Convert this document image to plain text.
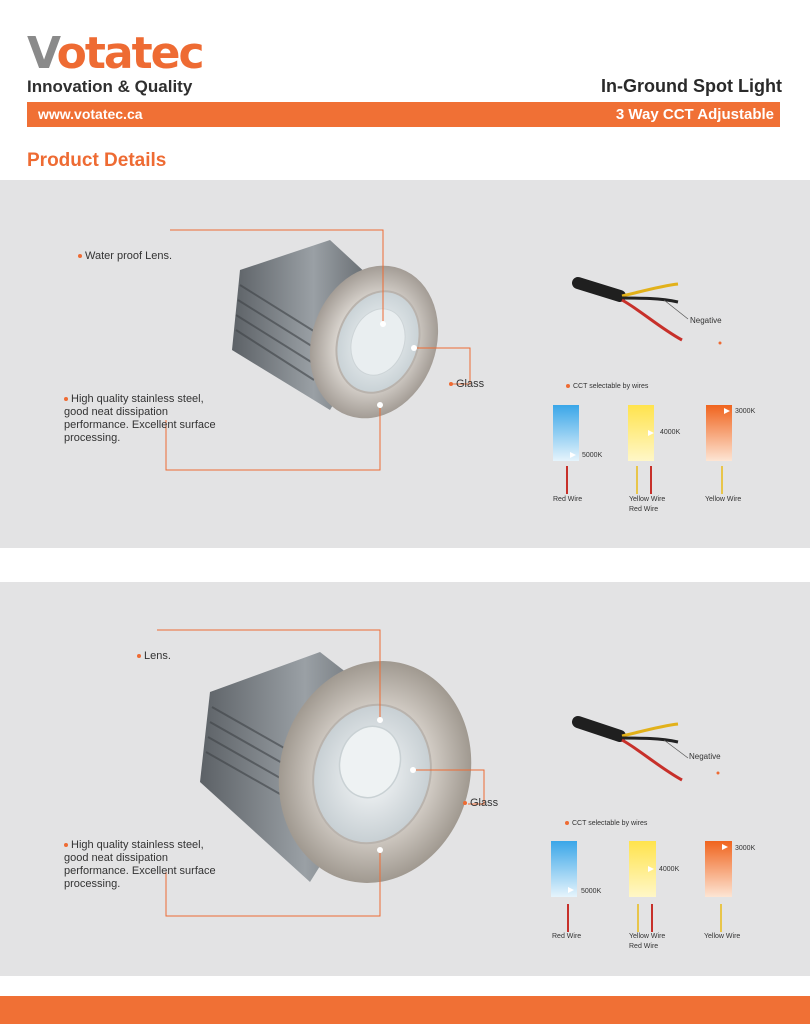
Votatec
Innovation & Quality	In-Ground Spot Light
www.votatec.ca	3 Way CCT Adjustable
Product Details
Water proof Lens.
Glass
High quality stainless steel, good neat dissipation performance. Excellent surface processing.
Negative
CCT selectable by wires
5000K
4000K
3000K
Red Wire	Yellow Wire
Red Wire
Yellow Wire
Lens.
Glass
High quality stainless steel, good neat dissipation performance. Excellent surface processing.
Negative
CCT selectable by wires
5000K
4000K
3000K
Red Wire	Yellow Wire
Red Wire
Yellow Wire
